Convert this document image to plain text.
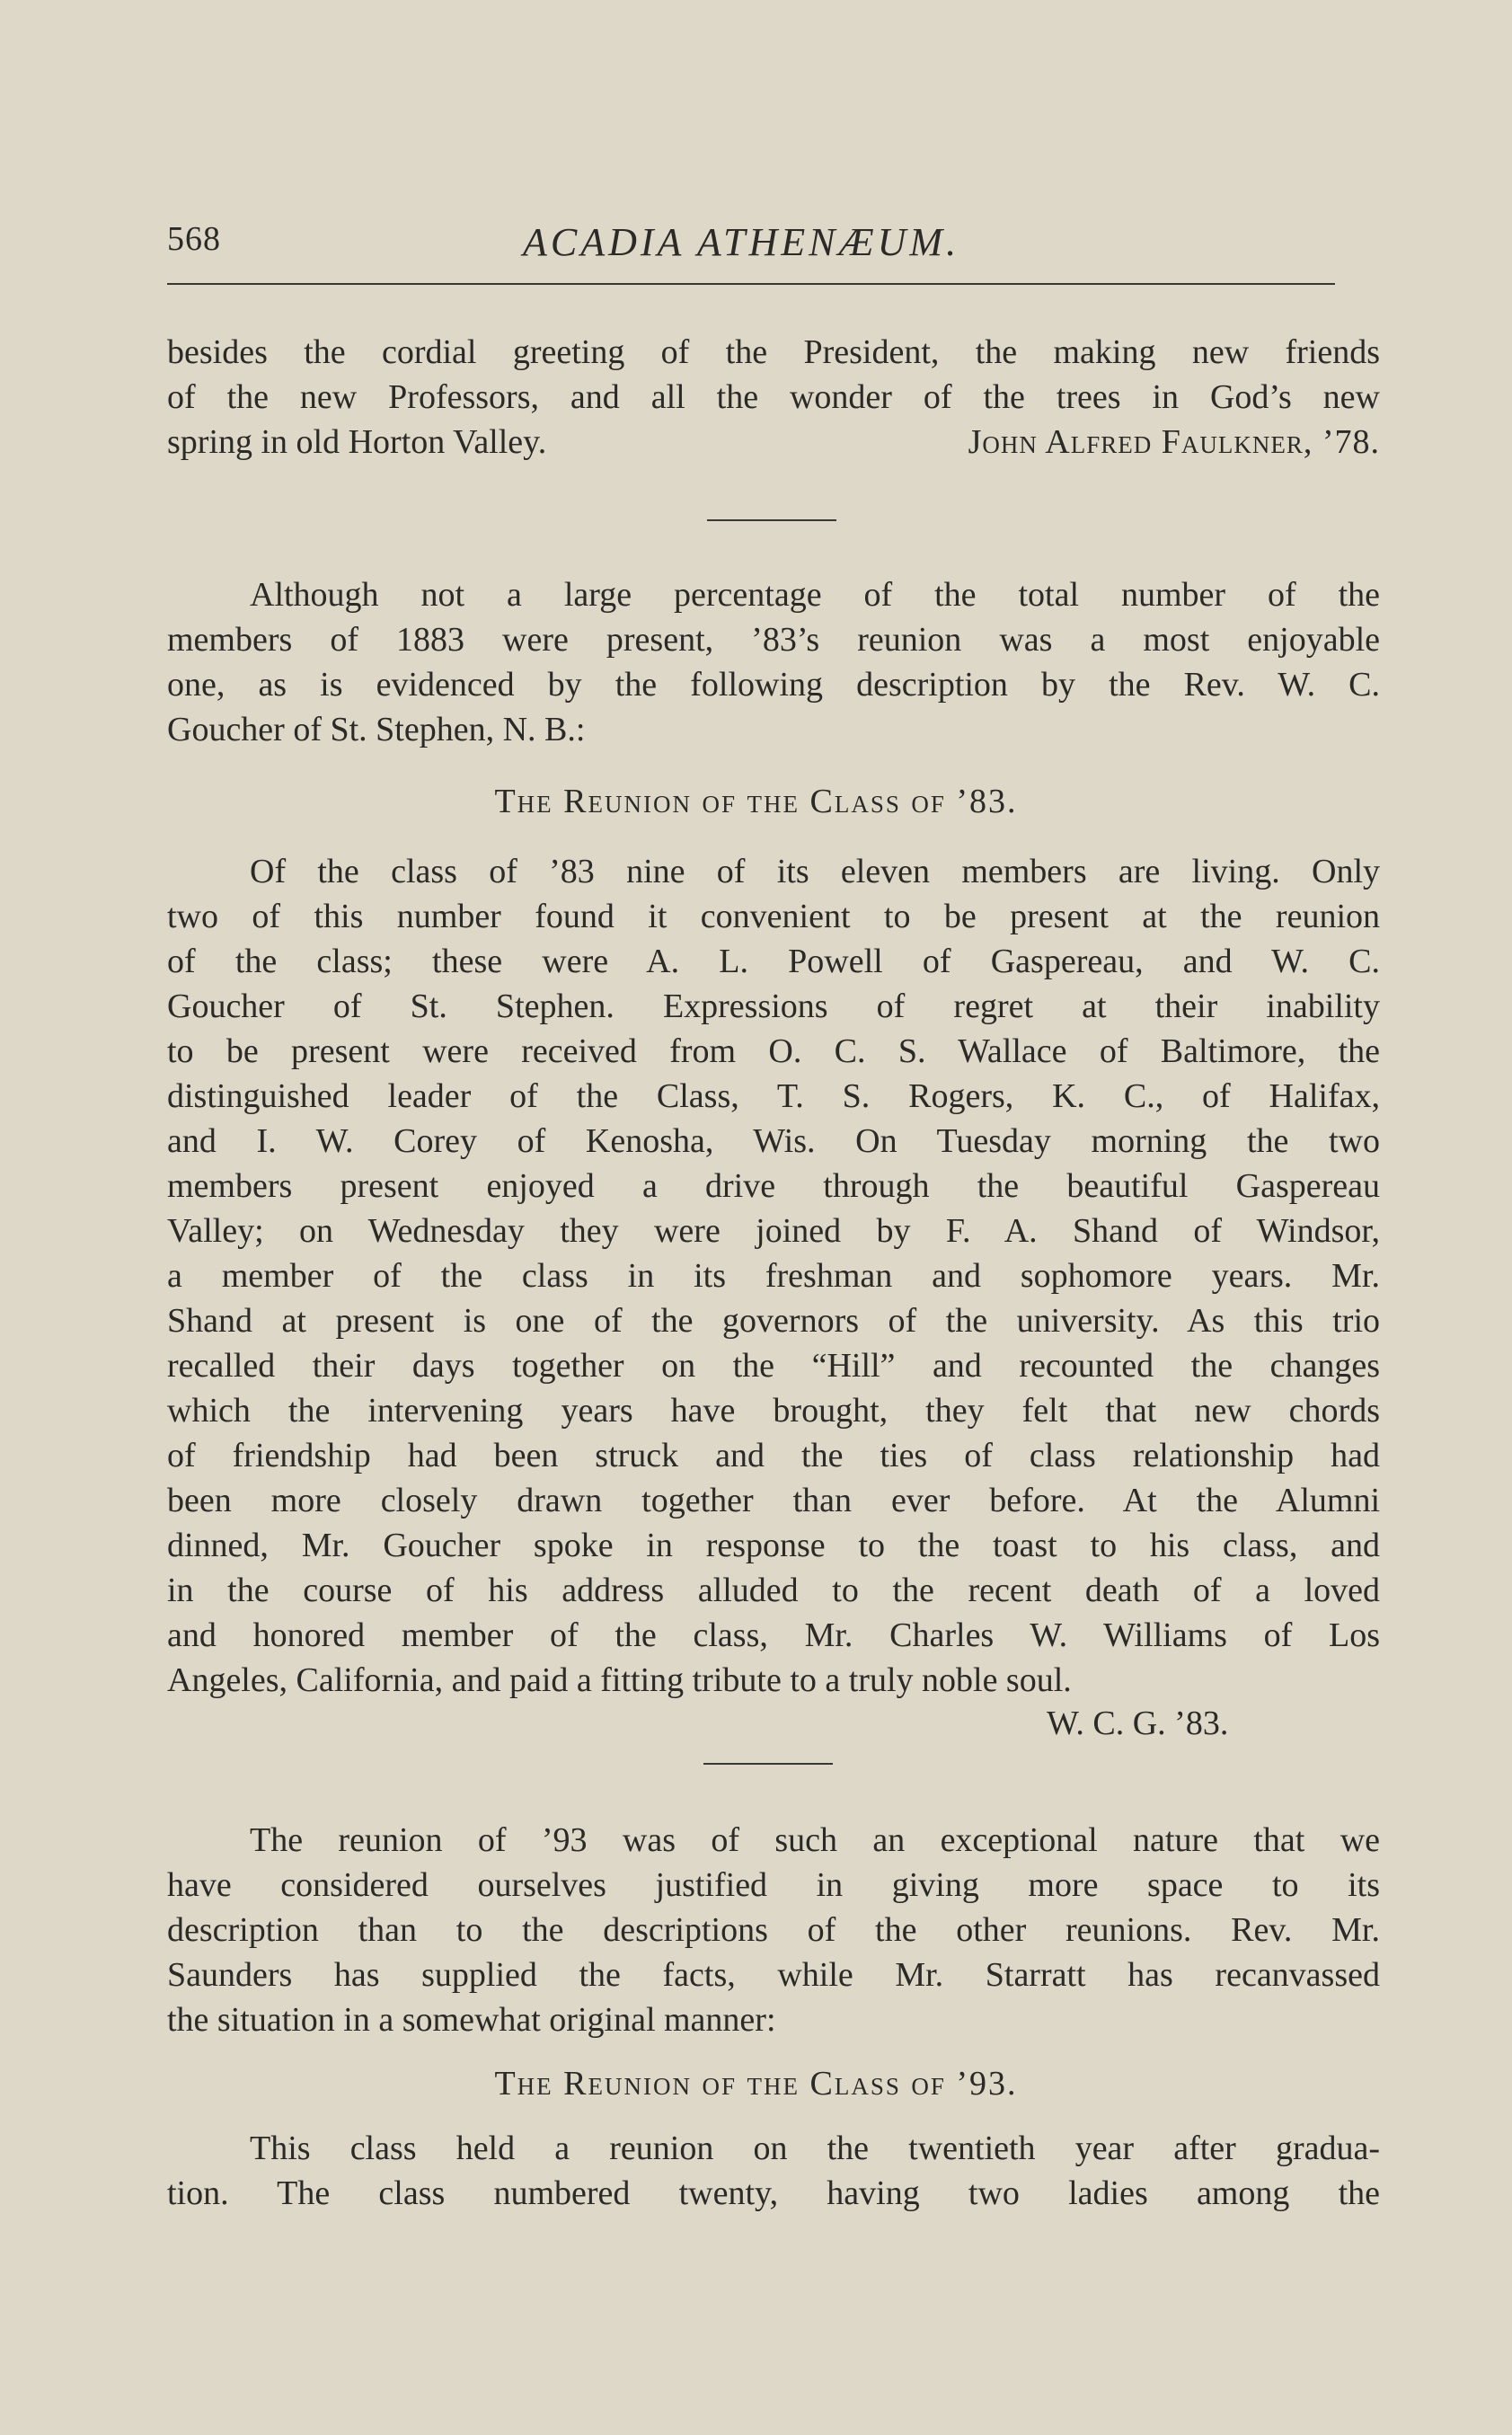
568	ACADIA ATHENÆUM.
besides the cordial greeting of the President, the making new friends
of the new Professors, and all the wonder of the trees in God’s new
spring in old Horton Valley.	John Alfred Faulkner, ’78.
Although not a large percentage of the total number of the
members of 1883 were present, ’83’s reunion was a most enjoyable
one, as is evidenced by the following description by the Rev. W. C.
Goucher of St. Stephen, N. B.:
The Reunion of the Class of ’83.
Of the class of ’83 nine of its eleven members are living. Only
two of this number found it convenient to be present at the reunion
of the class; these were A. L. Powell of Gaspereau, and W. C.
Goucher of St. Stephen. Expressions of regret at their inability
to be present were received from O. C. S. Wallace of Baltimore, the
distinguished leader of the Class, T. S. Rogers, K. C., of Halifax,
and I. W. Corey of Kenosha, Wis. On Tuesday morning the two
members present enjoyed a drive through the beautiful Gaspereau
Valley; on Wednesday they were joined by F. A. Shand of Windsor,
a member of the class in its freshman and sophomore years. Mr.
Shand at present is one of the governors of the university. As this trio
recalled their days together on the “Hill” and recounted the changes
which the intervening years have brought, they felt that new chords
of friendship had been struck and the ties of class relationship had
been more closely drawn together than ever before. At the Alumni
dinned, Mr. Goucher spoke in response to the toast to his class, and
in the course of his address alluded to the recent death of a loved
and honored member of the class, Mr. Charles W. Williams of Los
Angeles, California, and paid a fitting tribute to a truly noble soul.
W. C. G. ’83.
The reunion of ’93 was of such an exceptional nature that we
have considered ourselves justified in giving more space to its
description than to the descriptions of the other reunions. Rev. Mr.
Saunders has supplied the facts, while Mr. Starratt has recanvassed
the situation in a somewhat original manner:
The Reunion of the Class of ’93.
This class held a reunion on the twentieth year after gradua-
tion. The class numbered twenty, having two ladies among the
